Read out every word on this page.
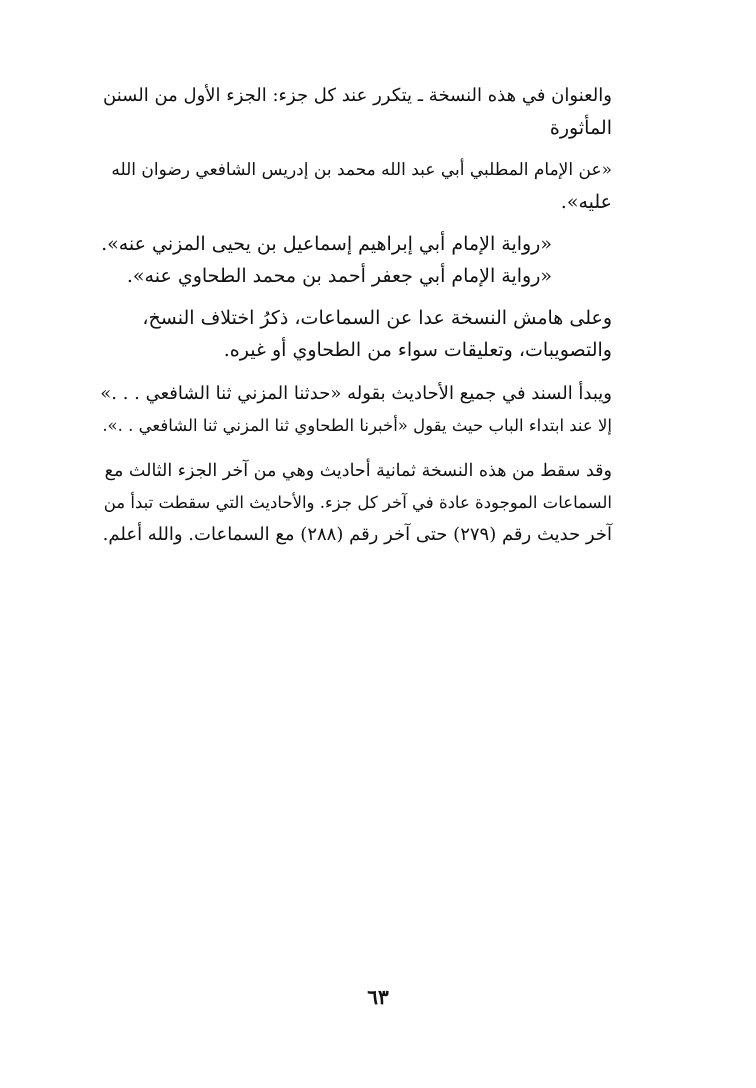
والعنوان في هذه النسخة ـ يتكرر عند كل جزء: الجزء الأول من السنن
المأثورة
«عن الإمام المطلبي أبي عبد الله محمد بن إدريس الشافعي رضوان الله
عليه».
«رواية الإمام أبي إبراهيم إسماعيل بن يحيى المزني عنه».
«رواية الإمام أبي جعفر أحمد بن محمد الطحاوي عنه».
وعلى هامش النسخة عدا عن السماعات، ذكرُ اختلاف النسخ،
والتصويبات، وتعليقات سواء من الطحاوي أو غيره.
ويبدأ السند في جميع الأحاديث بقوله «حدثنا المزني ثنا الشافعي . . .»
إلا عند ابتداء الباب حيث يقول «أخبرنا الطحاوي ثنا المزني ثنا الشافعي . .».
وقد سقط من هذه النسخة ثمانية أحاديث وهي من آخر الجزء الثالث مع
السماعات الموجودة عادة في آخر كل جزء. والأحاديث التي سقطت تبدأ من
آخر حديث رقم (٢٧٩) حتى آخر رقم (٢٨٨) مع السماعات. والله أعلم.
٦٣
